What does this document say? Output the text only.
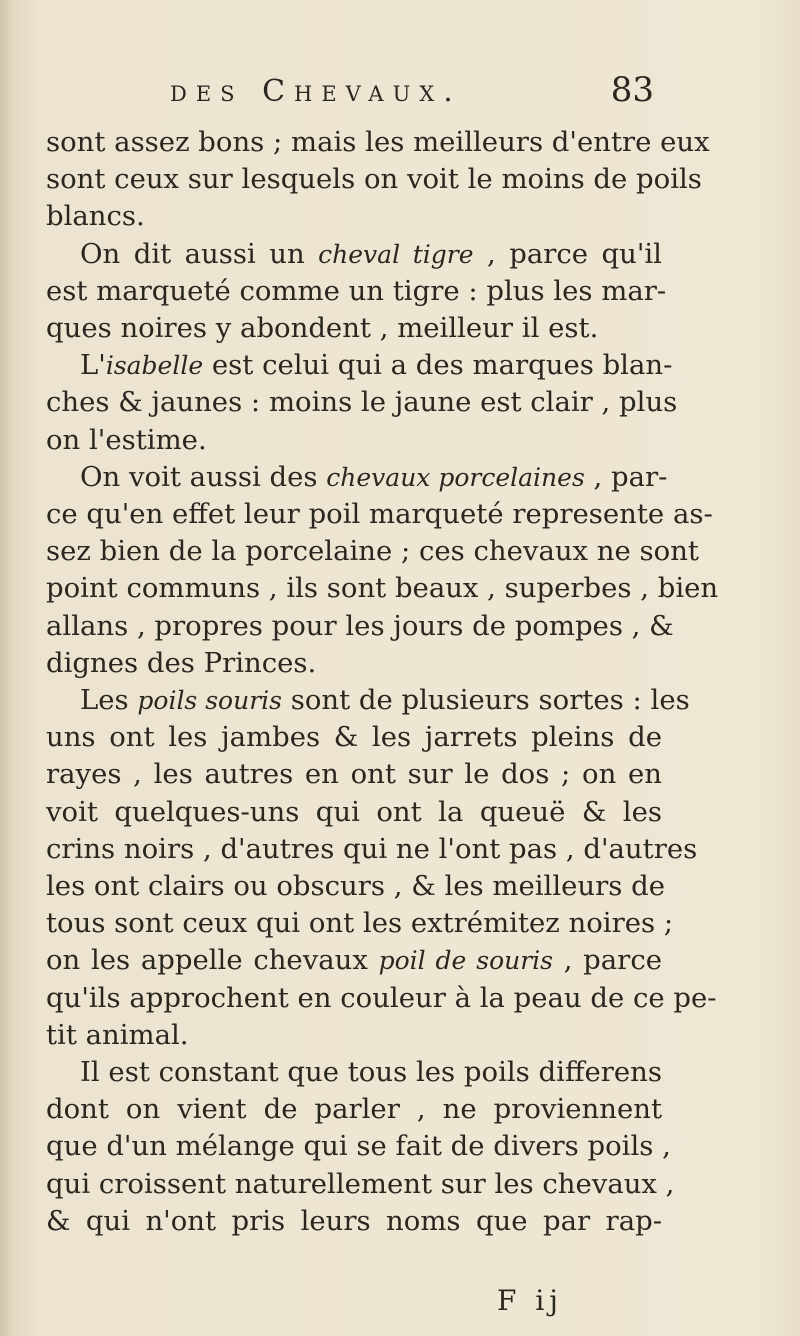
des Chevaux.	83
sont assez bons ; mais les meilleurs d'entre eux
sont ceux sur lesquels on voit le moins de poils
blancs.
On dit aussi un cheval tigre , parce qu'il
est marqueté comme un tigre : plus les mar-
ques noires y abondent , meilleur il est.
L'isabelle est celui qui a des marques blan-
ches & jaunes : moins le jaune est clair , plus
on l'estime.
On voit aussi des chevaux porcelaines , par-
ce qu'en effet leur poil marqueté represente as-
sez bien de la porcelaine ; ces chevaux ne sont
point communs , ils sont beaux , superbes , bien
allans , propres pour les jours de pompes , &
dignes des Princes.
Les poils souris sont de plusieurs sortes : les
uns ont les jambes & les jarrets pleins de
rayes , les autres en ont sur le dos ; on en
voit quelques-uns qui ont la queuë & les
crins noirs , d'autres qui ne l'ont pas , d'autres
les ont clairs ou obscurs , & les meilleurs de
tous sont ceux qui ont les extrémitez noires ;
on les appelle chevaux poil de souris , parce
qu'ils approchent en couleur à la peau de ce pe-
tit animal.
Il est constant que tous les poils differens
dont on vient de parler , ne proviennent
que d'un mélange qui se fait de divers poils ,
qui croissent naturellement sur les chevaux ,
& qui n'ont pris leurs noms que par rap-
F ij
